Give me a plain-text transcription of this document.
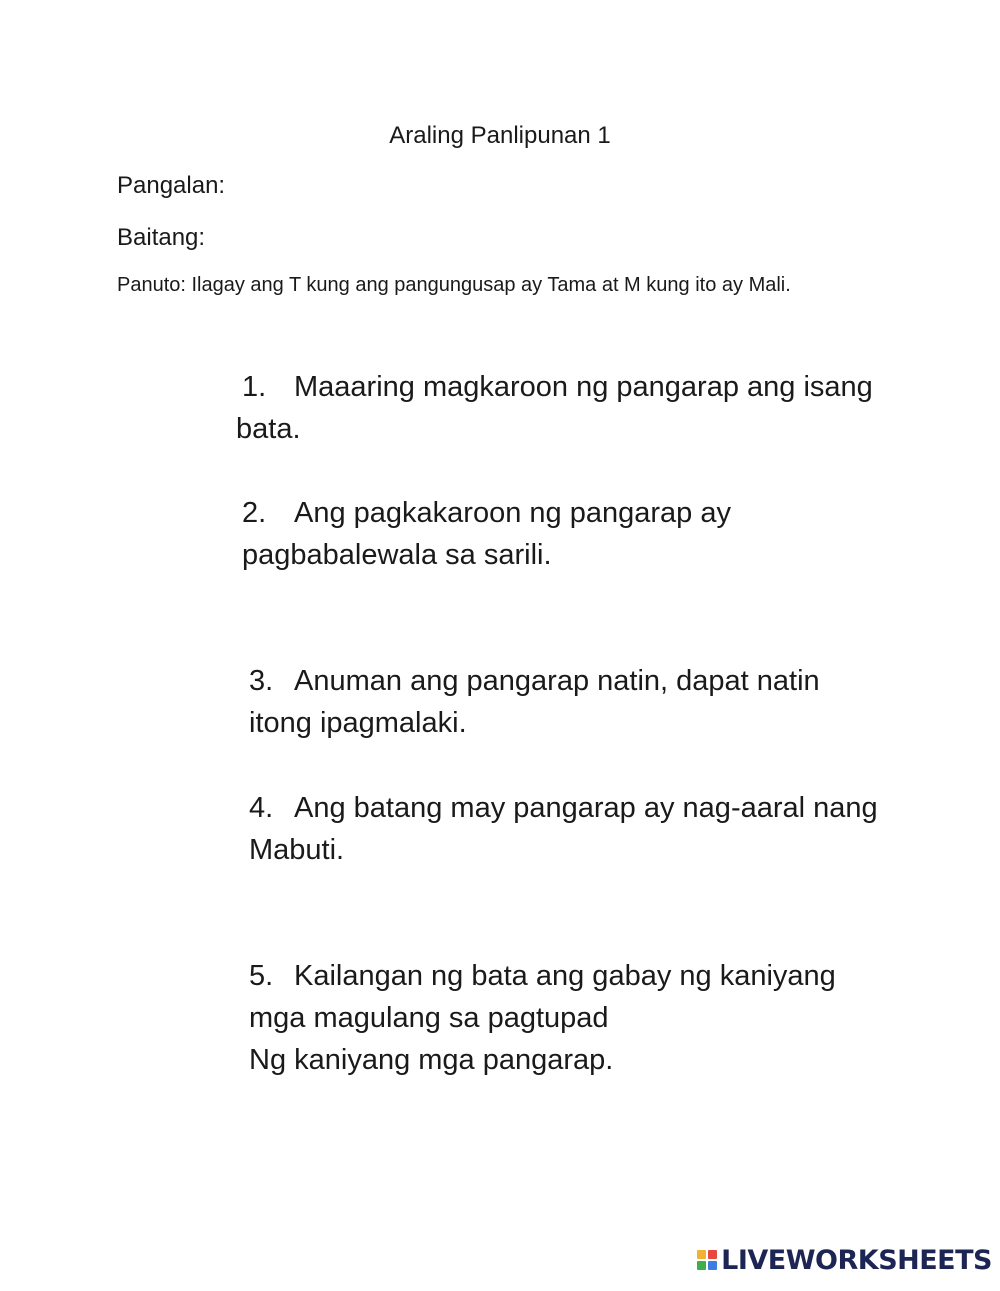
Araling Panlipunan 1
Pangalan:
Baitang:
Panuto: Ilagay ang T kung ang pangungusap ay Tama at M kung ito ay Mali.
1. Maaaring magkaroon ng pangarap ang isang
bata.
2. Ang pagkakaroon ng pangarap ay
pagbabalewala sa sarili.
3. Anuman ang pangarap natin, dapat natin
itong ipagmalaki.
4. Ang batang may pangarap ay nag-aaral nang
Mabuti.
5. Kailangan ng bata ang gabay ng kaniyang
mga magulang sa pagtupad
Ng kaniyang mga pangarap.
LIVEWORKSHEETS
